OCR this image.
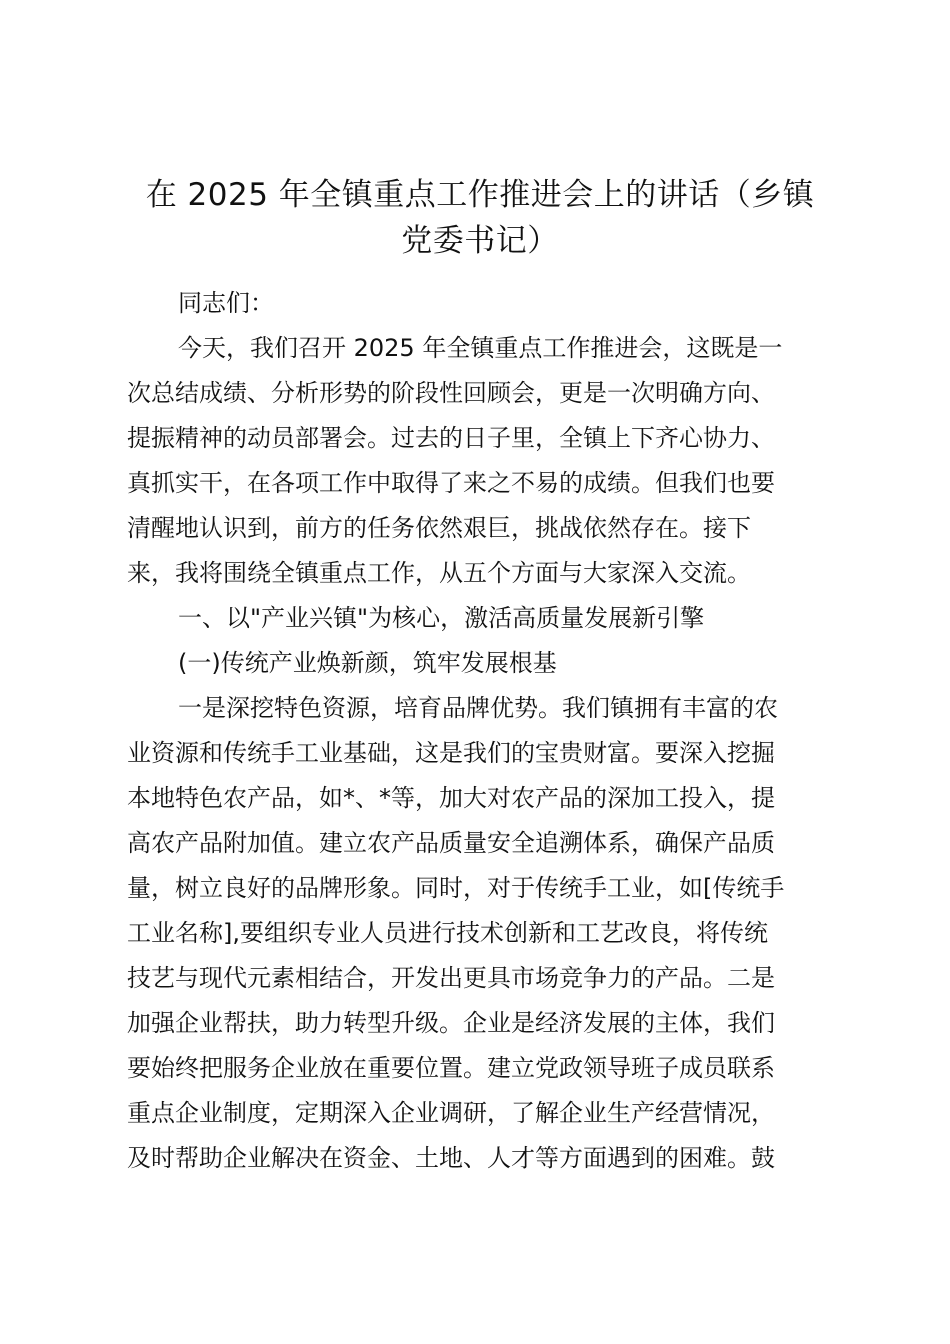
在 2025 年全镇重点工作推进会上的讲话（乡镇
党委书记）

同志们：

今天，我们召开 2025 年全镇重点工作推进会，这既是一
次总结成绩、分析形势的阶段性回顾会，更是一次明确方向、
提振精神的动员部署会。过去的日子里，全镇上下齐心协力、
真抓实干，在各项工作中取得了来之不易的成绩。但我们也要
清醒地认识到，前方的任务依然艰巨，挑战依然存在。接下
来，我将围绕全镇重点工作，从五个方面与大家深入交流。

一、以"产业兴镇"为核心，激活高质量发展新引擎

(一)传统产业焕新颜，筑牢发展根基

一是深挖特色资源，培育品牌优势。我们镇拥有丰富的农
业资源和传统手工业基础，这是我们的宝贵财富。要深入挖掘
本地特色农产品，如*、*等，加大对农产品的深加工投入，提
高农产品附加值。建立农产品质量安全追溯体系，确保产品质
量，树立良好的品牌形象。同时，对于传统手工业，如[传统手
工业名称],要组织专业人员进行技术创新和工艺改良，将传统
技艺与现代元素相结合，开发出更具市场竞争力的产品。二是
加强企业帮扶，助力转型升级。企业是经济发展的主体，我们
要始终把服务企业放在重要位置。建立党政领导班子成员联系
重点企业制度，定期深入企业调研，了解企业生产经营情况，
及时帮助企业解决在资金、土地、人才等方面遇到的困难。鼓
